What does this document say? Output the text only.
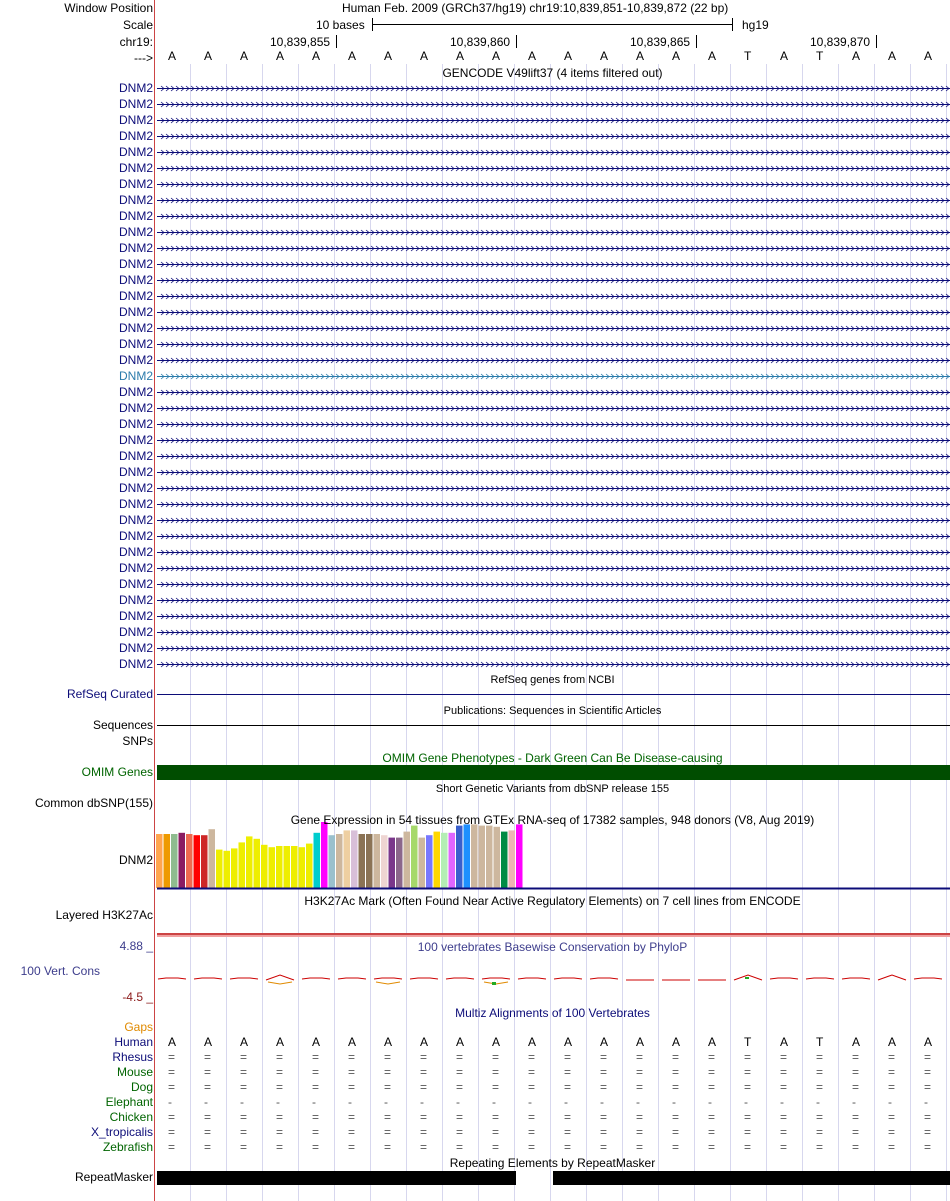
Window Position	Human Feb. 2009 (GRCh37/hg19) chr19:10,839,851-10,839,872 (22 bp)
Scale	10 bases	hg19
chr19:	10,839,855	10,839,860	10,839,865	10,839,870
---> A A A A A A A A A A A A A A A A T A T A A A
GENCODE V49lift37 (4 items filtered out)
DNM2
DNM2
DNM2
DNM2
DNM2
DNM2
DNM2
DNM2
DNM2
DNM2
DNM2
DNM2
DNM2
DNM2
DNM2
DNM2
DNM2
DNM2
DNM2
DNM2
DNM2
DNM2
DNM2
DNM2
DNM2
DNM2
DNM2
DNM2
DNM2
DNM2
DNM2
DNM2
DNM2
DNM2
DNM2
DNM2
DNM2
RefSeq genes from NCBI
RefSeq Curated
Publications: Sequences in Scientific Articles
Sequences
SNPs
OMIM Gene Phenotypes - Dark Green Can Be Disease-causing
OMIM Genes
Short Genetic Variants from dbSNP release 155
Common dbSNP(155)
Gene Expression in 54 tissues from GTEx RNA-seq of 17382 samples, 948 donors (V8, Aug 2019)
DNM2
H3K27Ac Mark (Often Found Near Active Regulatory Elements) on 7 cell lines from ENCODE
Layered H3K27Ac
100 vertebrates Basewise Conservation by PhyloP
4.88 _
100 Vert. Cons
-4.5 _
Multiz Alignments of 100 Vertebrates
Gaps
Human A A A A A A A A A A A A A A A A T A T A A A
Rhesus = = = = = = = = = = = = = = = = = = = = = =
Mouse = = = = = = = = = = = = = = = = = = = = = =
Dog = = = = = = = = = = = = = = = = = = = = = =
Elephant -	-	-	-	-	-	-	-	-	-	-	-	-	-	-	-	-	-	-	-	-	-
Chicken = = = = = = = = = = = = = = = = = = = = = =
X_tropicalis = = = = = = = = = = = = = = = = = = = = = =
Zebrafish = = = = = = = = = = = = = = = = = = = = = =
Repeating Elements by RepeatMasker
RepeatMasker
